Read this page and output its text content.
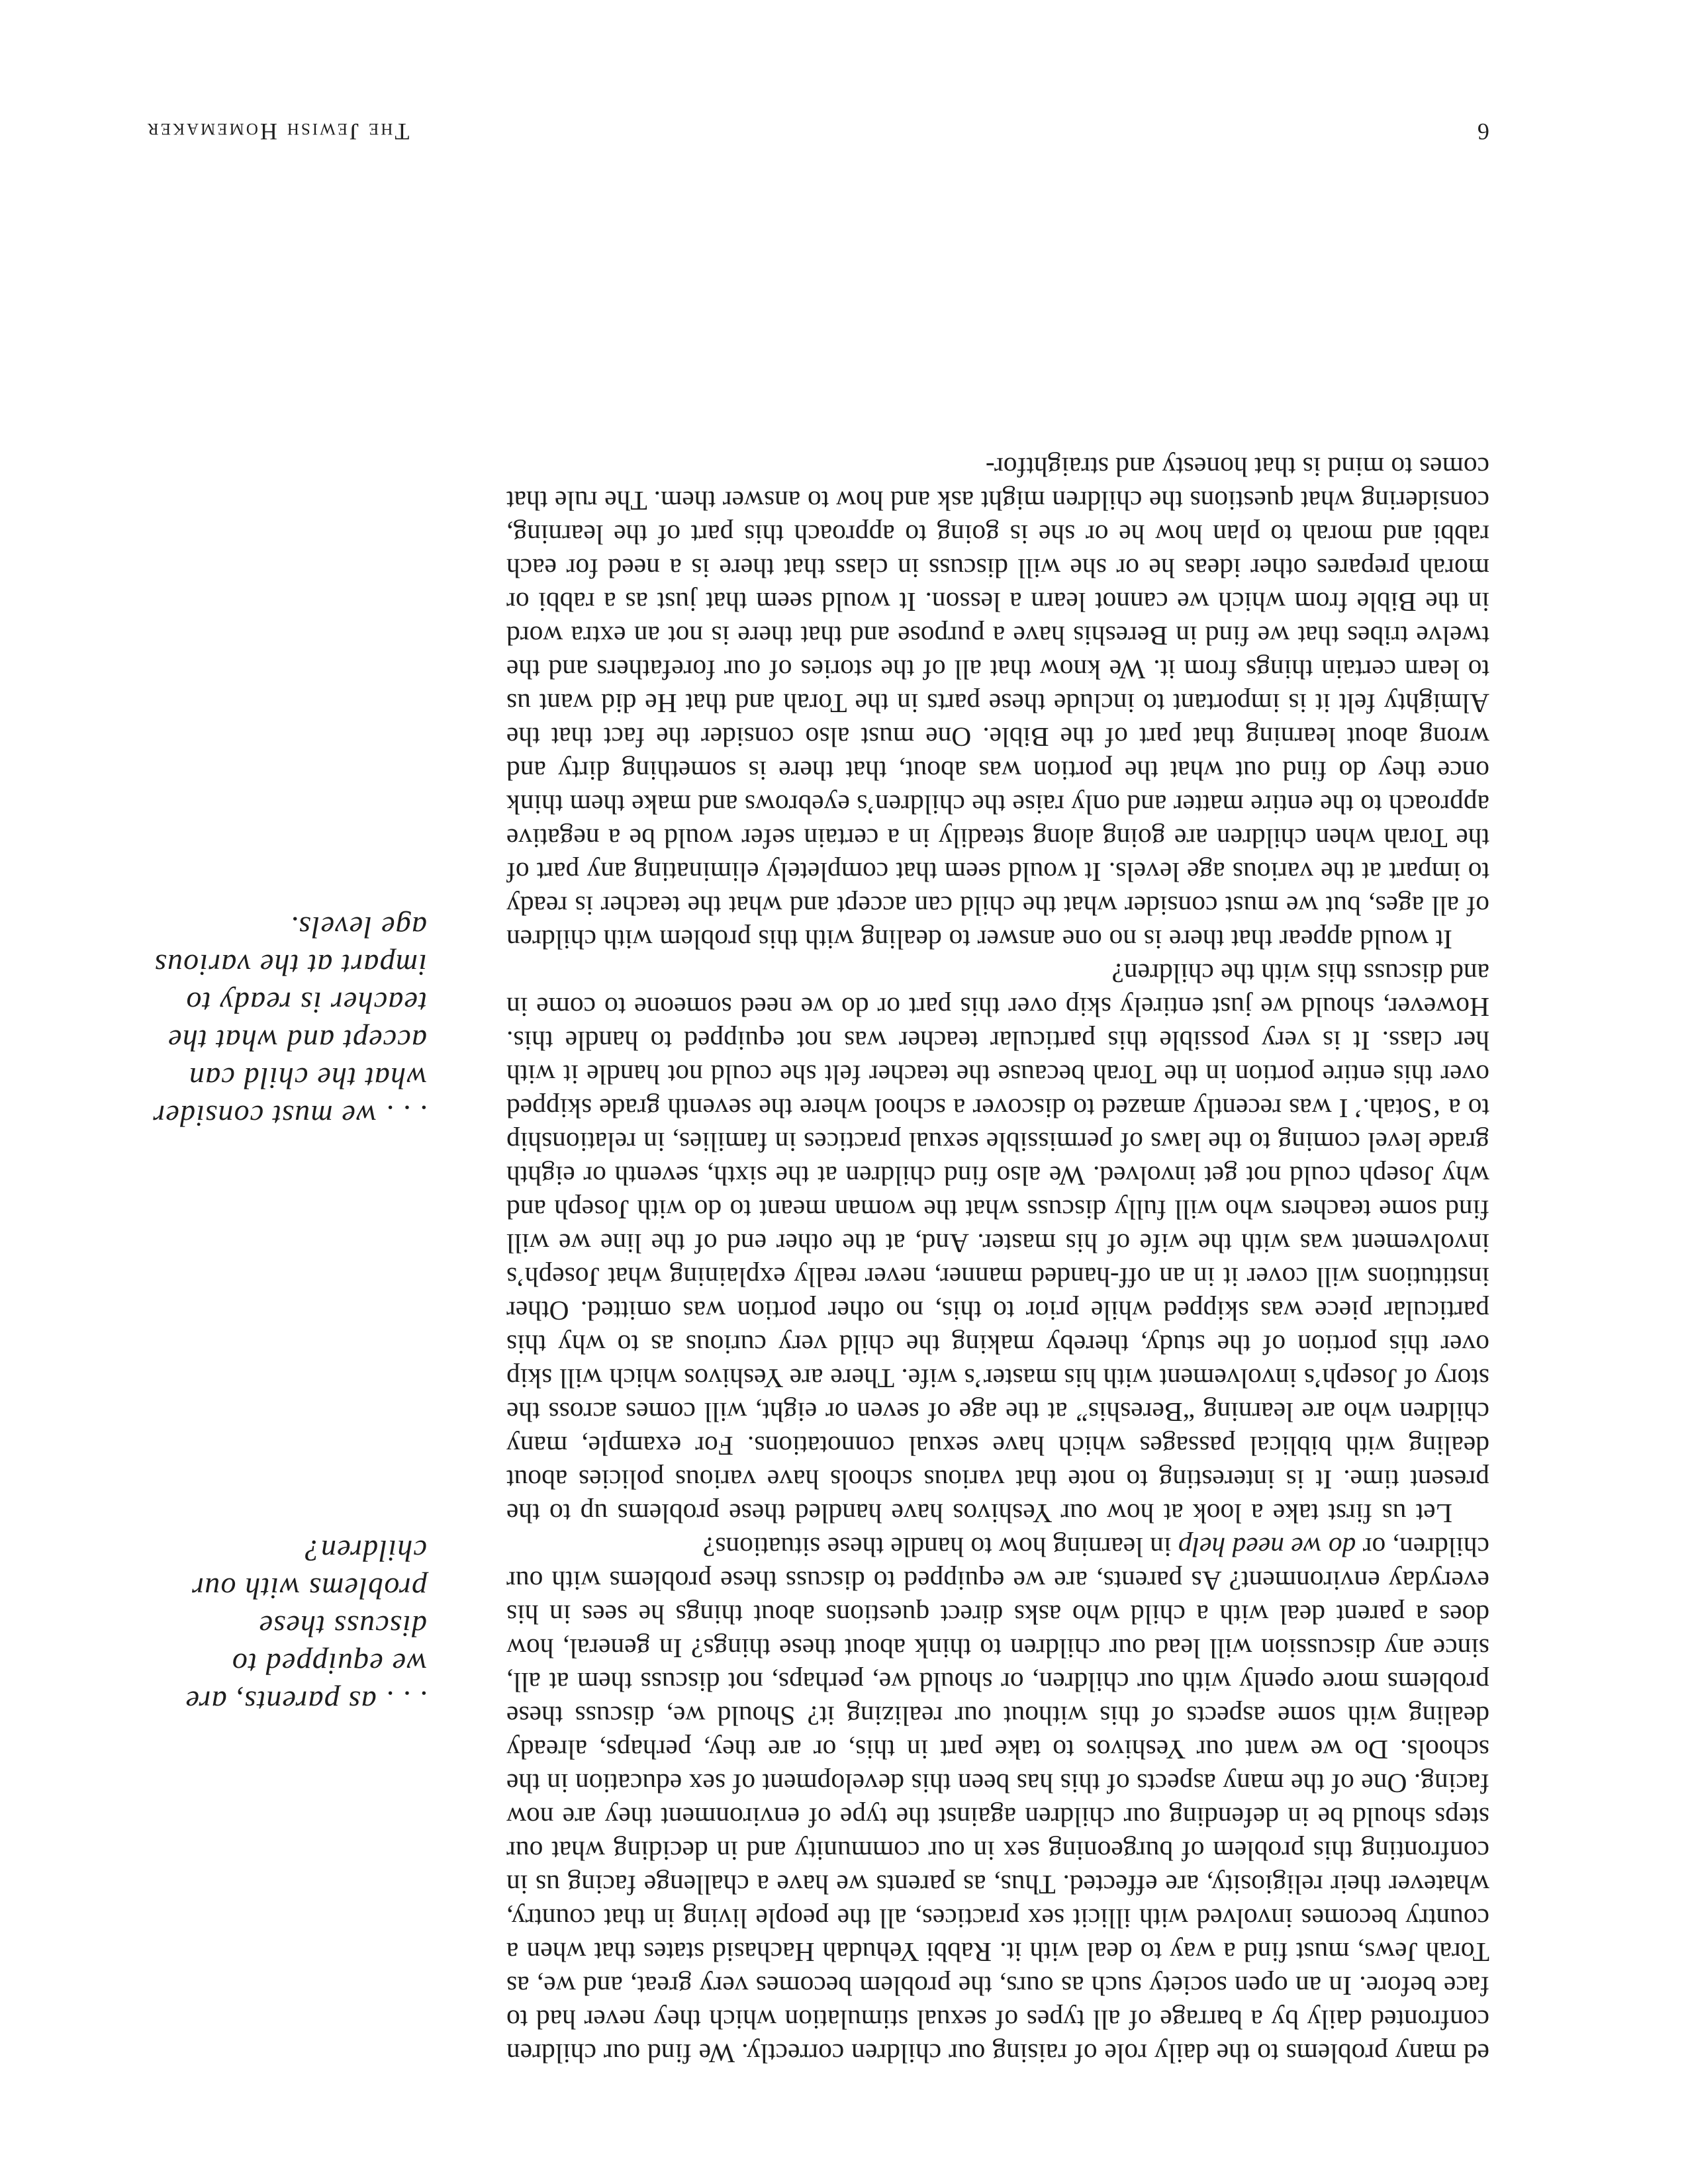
6
The Jewish Homemaker

ed many problems to the daily role of raising our children correctly. We find our children confronted daily by a barrage of all types of sexual stimulation which they never had to face before. In an open society such as ours, the problem becomes very great, and we, as Torah Jews, must find a way to deal with it. Rabbi Yehudah Hachasid states that when a country becomes involved with illicit sex practices, all the people living in that country, whatever their religiosity, are effected. Thus, as parents we have a challenge facing us in confronting this problem of burgeoning sex in our community and in deciding what our steps should be in defending our children against the type of environment they are now facing. One of the many aspects of this has been this development of sex education in the schools. Do we want our Yeshivos to take part in this, or are they, perhaps, already dealing with some aspects of this without our realizing it? Should we, discuss these problems more openly with our children, or should we, perhaps, not discuss them at all, since any discussion will lead our children to think about these things? In general, how does a parent deal with a child who asks direct questions about things he sees in his everyday environment? As parents, are we equipped to discuss these problems with our children, or do we need help in learning how to handle these situations?

Let us first take a look at how our Yeshivos have handled these problems up to the present time. It is interesting to note that various schools have various policies about dealing with biblical passages which have sexual connotations. For example, many children who are learning “Bereshis” at the age of seven or eight, will comes across the story of Joseph’s involvement with his master’s wife. There are Yeshivos which will skip over this portion of the study, thereby making the child very curious as to why this particular piece was skipped while prior to this, no other portion was omitted. Other institutions will cover it in an off-handed manner, never really explaining what Joseph’s involvement was with the wife of his master. And, at the other end of the line we will find some teachers who will fully discuss what the woman meant to do with Joseph and why Joseph could not get involved. We also find children at the sixth, seventh or eighth grade level coming to the laws of permissible sexual practices in families, in relationship to a ‘Sotah.’ I was recently amazed to discover a school where the seventh grade skipped over this entire portion in the Torah because the teacher felt she could not handle it with her class. It is very possible this particular teacher was not equipped to handle this. However, should we just entirely skip over this part or do we need someone to come in and discuss this with the children?

It would appear that there is no one answer to dealing with this problem with children of all ages, but we must consider what the child can accept and what the teacher is ready to impart at the various age levels. It would seem that completely eliminating any part of the Torah when children are going along steadily in a certain sefer would be a negative approach to the entire matter and only raise the children’s eyebrows and make them think once they do find out what the portion was about, that there is something dirty and wrong about learning that part of the Bible. One must also consider the fact that the Almighty felt it is important to include these parts in the Torah and that He did want us to learn certain things from it. We know that all of the stories of our forefathers and the twelve tribes that we find in Bereshis have a purpose and that there is not an extra word in the Bible from which we cannot learn a lesson. It would seem that just as a rabbi or morah prepares other ideas he or she will discuss in class that there is a need for each rabbi and morah to plan how he or she is going to approach this part of the learning, considering what questions the children might ask and how to answer them. The rule that comes to mind is that honesty and straightfor-

. . . as parents, are we equipped to discuss these problems with our children?
. . . we must consider what the child can accept and what the teacher is ready to impart at the various age levels.
